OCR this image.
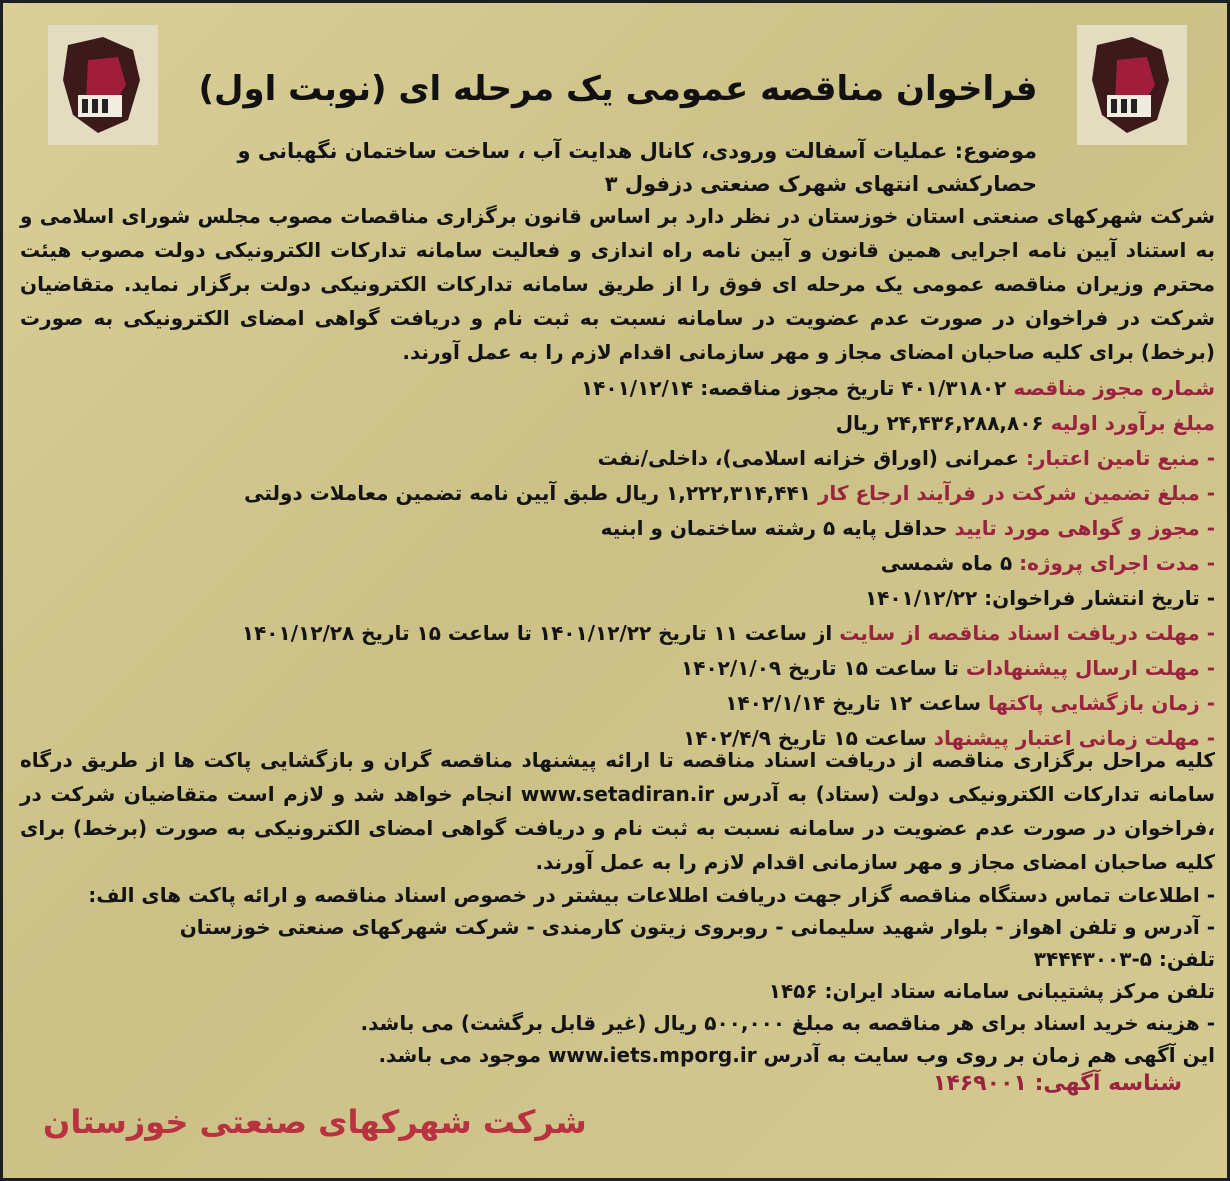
فراخوان مناقصه عمومی یک مرحله ای (نوبت اول)
موضوع: عملیات آسفالت ورودی، کانال هدایت آب ، ساخت ساختمان نگهبانی و حصارکشی انتهای شهرک صنعتی دزفول ۳
شرکت شهرکهای صنعتی استان خوزستان در نظر دارد بر اساس قانون برگزاری مناقصات مصوب مجلس شورای اسلامی و به استناد آیین نامه اجرایی همین قانون و آیین نامه راه اندازی و فعالیت سامانه تدارکات الکترونیکی دولت مصوب هیئت محترم وزیران مناقصه عمومی یک مرحله ای فوق را از طریق سامانه تدارکات الکترونیکی دولت برگزار نماید. متقاضیان شرکت در فراخوان در صورت عدم عضویت در سامانه نسبت به ثبت نام و دریافت گواهی امضای الکترونیکی به صورت (برخط) برای کلیه صاحبان امضای مجاز و مهر سازمانی اقدام لازم را به عمل آورند.
شماره مجوز مناقصه ۴۰۱/۳۱۸۰۲ تاریخ مجوز مناقصه: ۱۴۰۱/۱۲/۱۴
مبلغ برآورد اولیه ۲۴,۴۳۶,۲۸۸,۸۰۶ ریال
- منبع تامین اعتبار: عمرانی (اوراق خزانه اسلامی)، داخلی/نفت
- مبلغ تضمین شرکت در فرآیند ارجاع کار ۱,۲۲۲,۳۱۴,۴۴۱ ریال طبق آیین نامه تضمین معاملات دولتی
- مجوز و گواهی مورد تایید حداقل پایه ۵ رشته ساختمان و ابنیه
- مدت اجرای پروژه: ۵ ماه شمسی
- تاریخ انتشار فراخوان: ۱۴۰۱/۱۲/۲۲
- مهلت دریافت اسناد مناقصه از سایت از ساعت ۱۱ تاریخ ۱۴۰۱/۱۲/۲۲ تا ساعت ۱۵ تاریخ ۱۴۰۱/۱۲/۲۸
- مهلت ارسال پیشنهادات تا ساعت ۱۵ تاریخ ۱۴۰۲/۱/۰۹
- زمان بازگشایی پاکتها ساعت ۱۲ تاریخ ۱۴۰۲/۱/۱۴
- مهلت زمانی اعتبار پیشنهاد ساعت ۱۵ تاریخ ۱۴۰۲/۴/۹
کلیه مراحل برگزاری مناقصه از دریافت اسناد مناقصه تا ارائه پیشنهاد مناقصه گران و بازگشایی پاکت ها از طریق درگاه سامانه تدارکات الکترونیکی دولت (ستاد) به آدرس www.setadiran.ir انجام خواهد شد و لازم است متقاضیان شرکت در ،فراخوان در صورت عدم عضویت در سامانه نسبت به ثبت نام و دریافت گواهی امضای الکترونیکی به صورت (برخط) برای کلیه صاحبان امضای مجاز و مهر سازمانی اقدام لازم را به عمل آورند.
- اطلاعات تماس دستگاه مناقصه گزار جهت دریافت اطلاعات بیشتر در خصوص اسناد مناقصه و ارائه پاکت های الف:
- آدرس و تلفن اهواز - بلوار شهید سلیمانی - روبروی زیتون کارمندی - شرکت شهرکهای صنعتی خوزستان
تلفن: ۵-۳۴۴۴۳۰۰۳
تلفن مرکز پشتیبانی سامانه ستاد ایران: ۱۴۵۶
- هزینه خرید اسناد برای هر مناقصه به مبلغ ۵۰۰,۰۰۰ ریال (غیر قابل برگشت) می باشد.
این آگهی هم زمان بر روی وب سایت به آدرس www.iets.mporg.ir موجود می باشد.
شناسه آگهی: ۱۴۶۹۰۰۱
شرکت شهرکهای صنعتی خوزستان
